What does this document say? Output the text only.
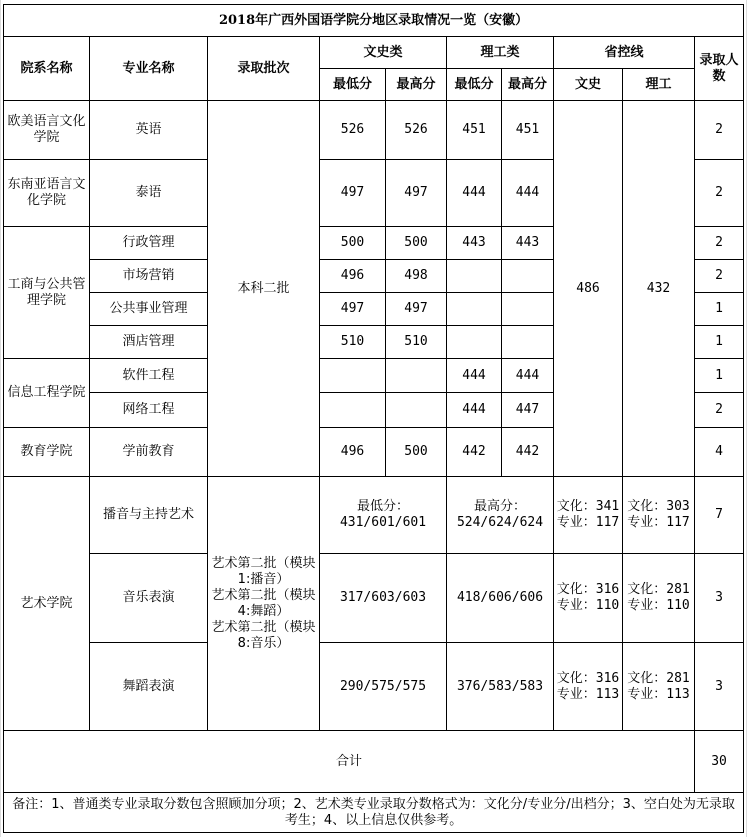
2018年广西外国语学院分地区录取情况一览（安徽）									
院系名称	专业名称	录取批次	文史类		理工类		省控线		录取人数
			最低分	最高分	最低分	最高分	文史	理工	
欧美语言文化学院	英语	本科二批	526	526	451	451	486	432	2
东南亚语言文化学院	泰语		497	497	444	444			2
工商与公共管理学院	行政管理		500	500	443	443			2
	市场营销		496	498					2
	公共事业管理		497	497					1
	酒店管理		510	510					1
信息工程学院	软件工程				444	444			1
	网络工程				444	447			2
教育学院	学前教育		496	500	442	442			4
艺术学院	播音与主持艺术	艺术第二批（模块1:播音）
艺术第二批（模块4:舞蹈）
艺术第二批（模块8:音乐）	最低分：
431/601/601		最高分：
524/624/624		文化：341
专业：117	文化：303
专业：117	7
	音乐表演		317/603/603		418/606/606		文化：316
专业：110	文化：281
专业：110	3
	舞蹈表演		290/575/575		376/583/583		文化：316
专业：113	文化：281
专业：113	3
合计									30
备注：1、普通类专业录取分数包含照顾加分项；2、艺术类专业录取分数格式为：文化分/专业分/出档分；3、空白处为无录取考生；4、以上信息仅供参考。									
